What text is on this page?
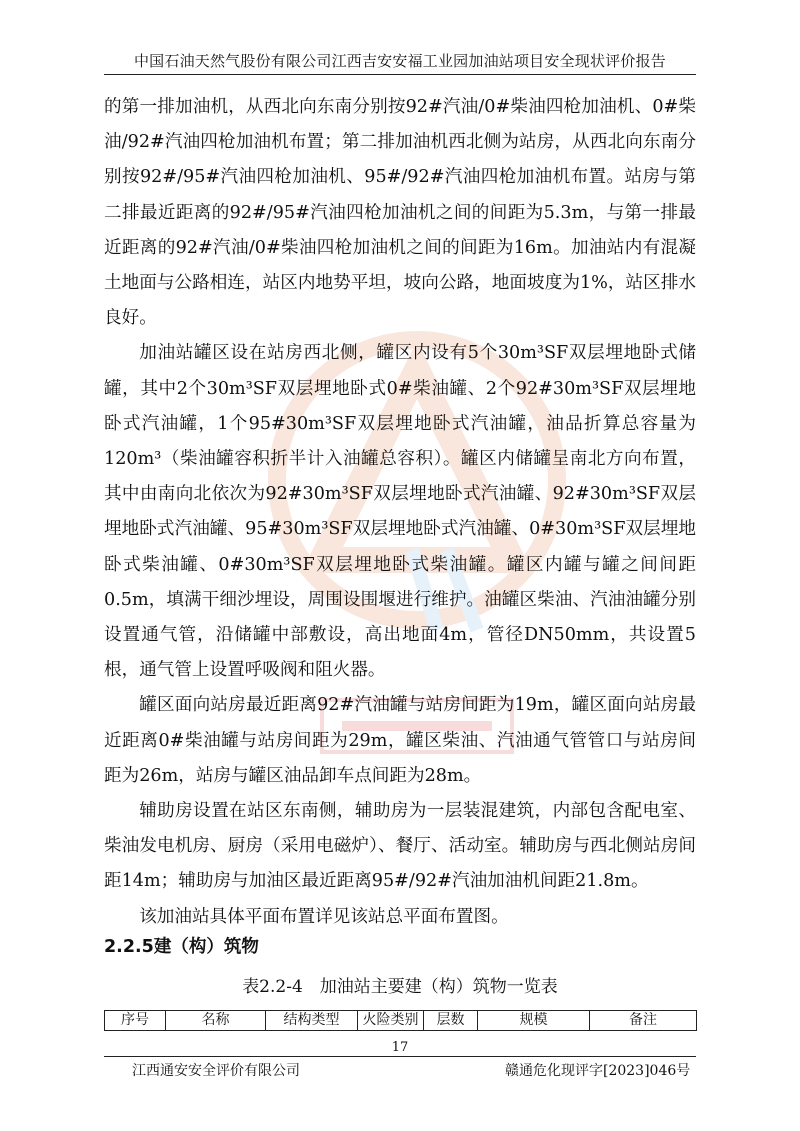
中国石油天然气股份有限公司江西吉安安福工业园加油站项目安全现状评价报告

的第一排加油机，从西北向东南分别按92#汽油/0#柴油四枪加油机、0#柴油/92#汽油四枪加油机布置；第二排加油机西北侧为站房，从西北向东南分别按92#/95#汽油四枪加油机、95#/92#汽油四枪加油机布置。站房与第二排最近距离的92#/95#汽油四枪加油机之间的间距为5.3m，与第一排最近距离的92#汽油/0#柴油四枪加油机之间的间距为16m。加油站内有混凝土地面与公路相连，站区内地势平坦，坡向公路，地面坡度为1%，站区排水良好。

加油站罐区设在站房西北侧，罐区内设有5个30m³SF双层埋地卧式储罐，其中2个30m³SF双层埋地卧式0#柴油罐、2个92#30m³SF双层埋地卧式汽油罐，1个95#30m³SF双层埋地卧式汽油罐，油品折算总容量为120m³（柴油罐容积折半计入油罐总容积）。罐区内储罐呈南北方向布置，其中由南向北依次为92#30m³SF双层埋地卧式汽油罐、92#30m³SF双层埋地卧式汽油罐、95#30m³SF双层埋地卧式汽油罐、0#30m³SF双层埋地卧式柴油罐、0#30m³SF双层埋地卧式柴油罐。罐区内罐与罐之间间距0.5m，填满干细沙埋设，周围设围堰进行维护。油罐区柴油、汽油油罐分别设置通气管，沿储罐中部敷设，高出地面4m，管径DN50mm，共设置5根，通气管上设置呼吸阀和阻火器。

罐区面向站房最近距离92#汽油罐与站房间距为19m，罐区面向站房最近距离0#柴油罐与站房间距为29m，罐区柴油、汽油通气管管口与站房间距为26m，站房与罐区油品卸车点间距为28m。

辅助房设置在站区东南侧，辅助房为一层装混建筑，内部包含配电室、柴油发电机房、厨房（采用电磁炉）、餐厅、活动室。辅助房与西北侧站房间距14m；辅助房与加油区最近距离95#/92#汽油加油机间距21.8m。

该加油站具体平面布置详见该站总平面布置图。

2.2.5建（构）筑物
表2.2-4　加油站主要建（构）筑物一览表
序号	名称	结构类型	火险类别	层数	规模	备注
17
江西通安安全评价有限公司	赣通危化现评字[2023]046号
